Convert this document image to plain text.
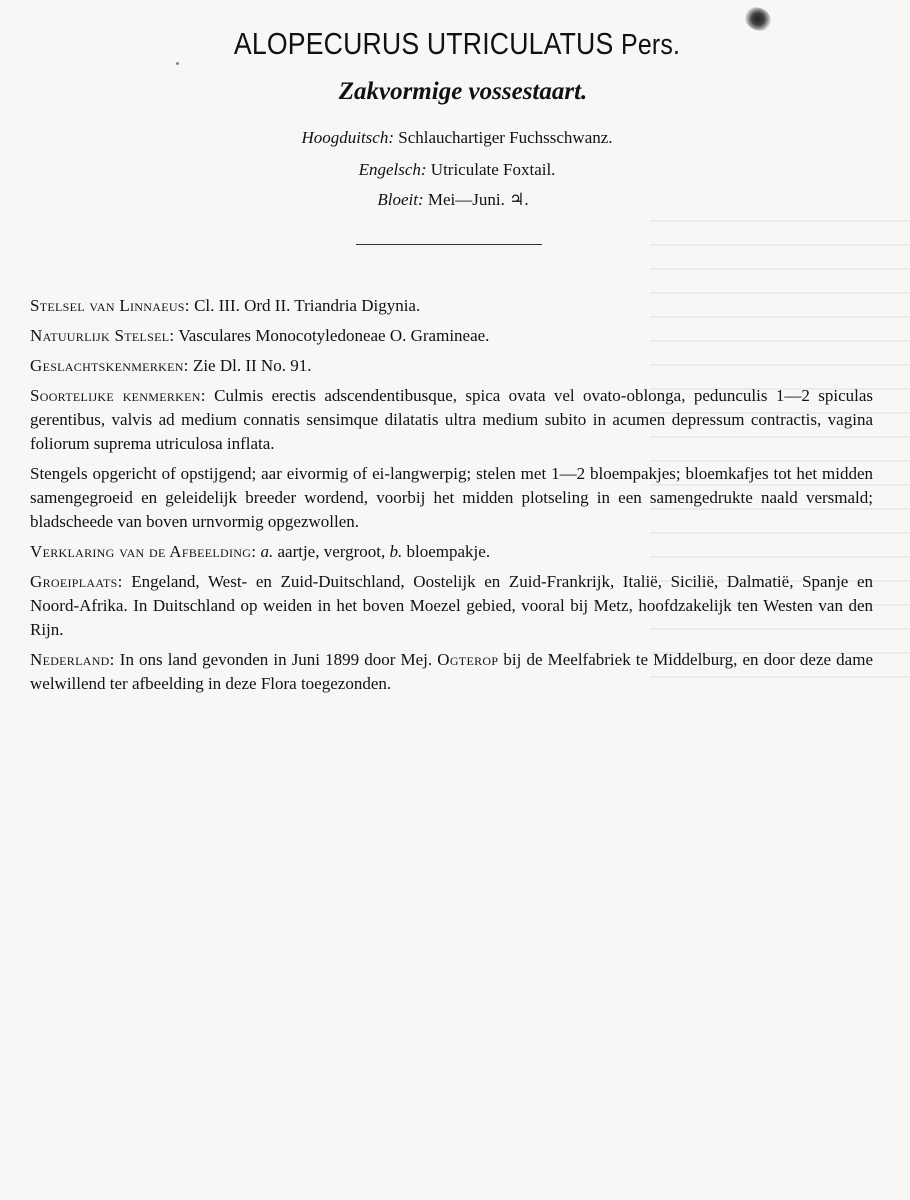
ALOPECURUS UTRICULATUS Pers.
Zakvormige vossestaart.
Hoogduitsch: Schlauchartiger Fuchsschwanz.
Engelsch: Utriculate Foxtail.
Bloeit: Mei—Juni. ♃.

Stelsel van Linnaeus: Cl. III. Ord II. Triandria Digynia.

Natuurlijk Stelsel: Vasculares Monocotyledoneae O. Gramineae.

Geslachtskenmerken: Zie Dl. II No. 91.

Soortelijke kenmerken: Culmis erectis adscendentibusque, spica ovata vel ovato-oblonga, pedunculis 1—2 spiculas gerentibus, valvis ad medium connatis sensimque dilatatis ultra medium subito in acumen depressum contractis, vagina foliorum suprema utriculosa inflata.

Stengels opgericht of opstijgend; aar eivormig of ei-langwerpig; stelen met 1—2 bloempakjes; bloemkafjes tot het midden samengegroeid en geleidelijk breeder wordend, voorbij het midden plotseling in een samengedrukte naald versmald; bladscheede van boven urnvormig opgezwollen.

Verklaring van de Afbeelding: a. aartje, vergroot, b. bloempakje.

Groeiplaats: Engeland, West- en Zuid-Duitschland, Oostelijk en Zuid-Frankrijk, Italië, Sicilië, Dalmatië, Spanje en Noord-Afrika. In Duitschland op weiden in het boven Moezel gebied, vooral bij Metz, hoofdzakelijk ten Westen van den Rijn.

Nederland: In ons land gevonden in Juni 1899 door Mej. Ogterop bij de Meelfabriek te Middelburg, en door deze dame welwillend ter afbeelding in deze Flora toegezonden.
